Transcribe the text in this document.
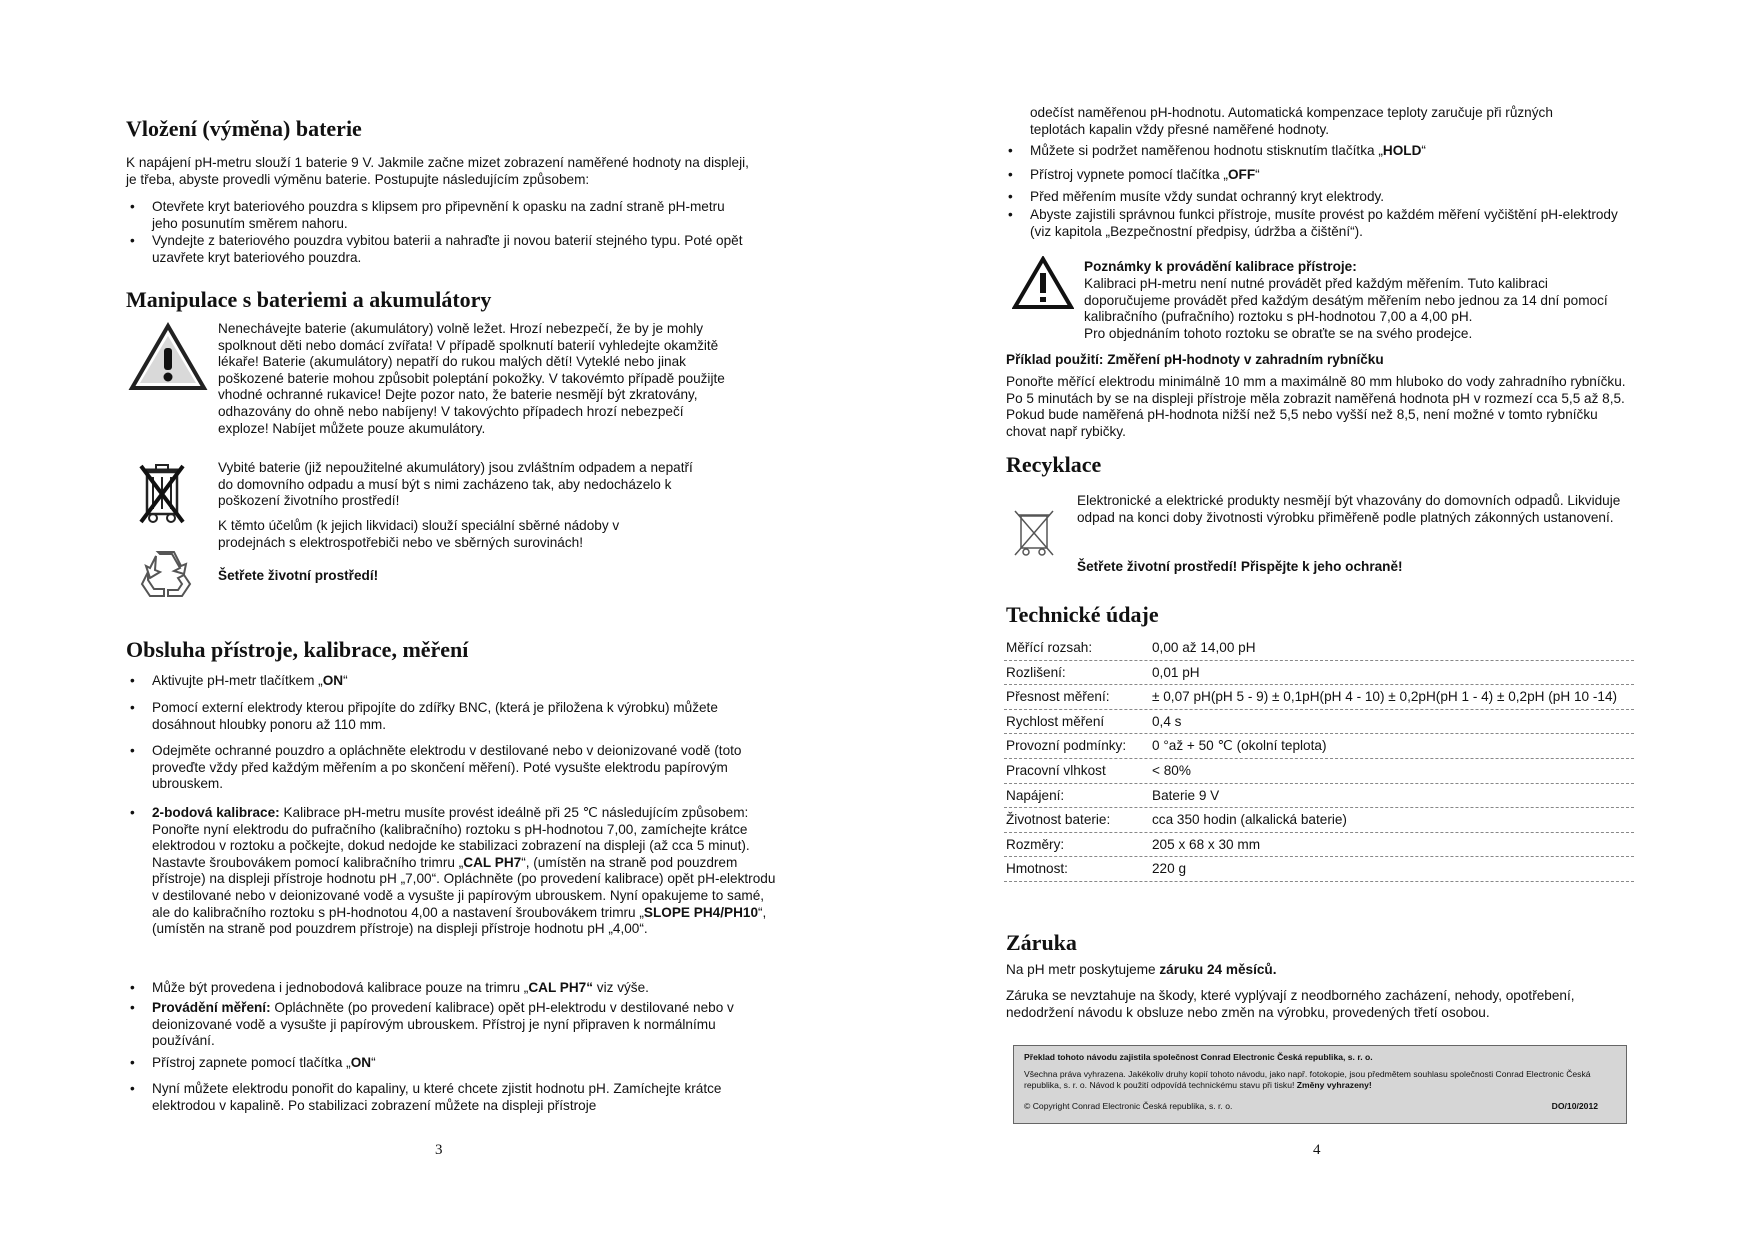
Vložení (výměna) baterie

K napájení pH-metru slouží 1 baterie 9 V. Jakmile začne mizet zobrazení naměřené hodnoty na displeji, je třeba, abyste provedli výměnu baterie. Postupujte následujícím způsobem:

• Otevřete kryt bateriového pouzdra s klipsem pro připevnění k opasku na zadní straně pH-metru jeho posunutím směrem nahoru.
• Vyndejte z bateriového pouzdra vybitou baterii a nahraďte ji novou baterií stejného typu. Poté opět uzavřete kryt bateriového pouzdra.
Manipulace s bateriemi a akumulátory

Nenechávejte baterie (akumulátory) volně ležet. Hrozí nebezpečí, že by je mohly spolknout děti nebo domácí zvířata! V případě spolknutí baterií vyhledejte okamžitě lékaře! Baterie (akumulátory) nepatří do rukou malých dětí! Vyteklé nebo jinak poškozené baterie mohou způsobit poleptání pokožky. V takovémto případě použijte vhodné ochranné rukavice! Dejte pozor nato, že baterie nesmějí být zkratovány, odhazovány do ohně nebo nabíjeny! V takovýchto případech hrozí nebezpečí exploze! Nabíjet můžete pouze akumulátory.

Vybité baterie (již nepoužitelné akumulátory) jsou zvláštním odpadem a nepatří do domovního odpadu a musí být s nimi zacházeno tak, aby nedocházelo k poškození životního prostředí!

K těmto účelům (k jejich likvidaci) slouží speciální sběrné nádoby v prodejnách s elektrospotřebiči nebo ve sběrných surovinách!

Šetřete životní prostředí!

Obsluha přístroje, kalibrace, měření
• Aktivujte pH-metr tlačítkem „ON“
• Pomocí externí elektrody kterou připojíte do zdířky BNC, (která je přiložena k výrobku) můžete dosáhnout hloubky ponoru až 110 mm.
• Odejměte ochranné pouzdro a opláchněte elektrodu v destilované nebo v deionizované vodě (toto proveďte vždy před každým měřením a po skončení měření). Poté vysušte elektrodu papírovým ubrouskem.
• 2-bodová kalibrace: Kalibrace pH-metru musíte provést ideálně při 25 ℃ následujícím způsobem: Ponořte nyní elektrodu do pufračního (kalibračního) roztoku s pH-hodnotou 7,00, zamíchejte krátce elektrodou v roztoku a počkejte, dokud nedojde ke stabilizaci zobrazení na displeji (až cca 5 minut). Nastavte šroubovákem pomocí kalibračního trimru „CAL PH7“, (umístěn na straně pod pouzdrem přístroje) na displeji přístroje hodnotu pH „7,00“. Opláchněte (po provedení kalibrace) opět pH-elektrodu v destilované nebo v deionizované vodě a vysušte ji papírovým ubrouskem. Nyní opakujeme to samé, ale do kalibračního roztoku s pH-hodnotou 4,00 a nastavení šroubovákem trimru „SLOPE PH4/PH10“, (umístěn na straně pod pouzdrem přístroje) na displeji přístroje hodnotu pH „4,00“.
• Může být provedena i jednobodová kalibrace pouze na trimru „CAL PH7“ viz výše.
• Provádění měření: Opláchněte (po provedení kalibrace) opět pH-elektrodu v destilované nebo v deionizované vodě a vysušte ji papírovým ubrouskem. Přístroj je nyní připraven k normálnímu používání.
• Přístroj zapnete pomocí tlačítka „ON“
• Nyní můžete elektrodu ponořit do kapaliny, u které chcete zjistit hodnotu pH. Zamíchejte krátce elektrodou v kapalině. Po stabilizaci zobrazení můžete na displeji přístroje
3

odečíst naměřenou pH-hodnotu. Automatická kompenzace teploty zaručuje při různých teplotách kapalin vždy přesné naměřené hodnoty.

• Můžete si podržet naměřenou hodnotu stisknutím tlačítka „HOLD“
• Přístroj vypnete pomocí tlačítka „OFF“
• Před měřením musíte vždy sundat ochranný kryt elektrody.
• Abyste zajistili správnou funkci přístroje, musíte provést po každém měření vyčištění pH-elektrody (viz kapitola „Bezpečnostní předpisy, údržba a čištění“).

Poznámky k provádění kalibrace přístroje:

Kalibraci pH-metru není nutné provádět před každým měřením. Tuto kalibraci doporučujeme provádět před každým desátým měřením nebo jednou za 14 dní pomocí kalibračního (pufračního) roztoku s pH-hodnotou 7,00 a 4,00 pH.

Pro objednáním tohoto roztoku se obraťte se na svého prodejce.

Příklad použití: Změření pH-hodnoty v zahradním rybníčku

Ponořte měřící elektrodu minimálně 10 mm a maximálně 80 mm hluboko do vody zahradního rybníčku. Po 5 minutách by se na displeji přístroje měla zobrazit naměřená hodnota pH v rozmezí cca 5,5 až 8,5. Pokud bude naměřená pH-hodnota nižší než 5,5 nebo vyšší než 8,5, není možné v tomto rybníčku chovat např rybičky.

Recyklace

Elektronické a elektrické produkty nesmějí být vhazovány do domovních odpadů. Likviduje odpad na konci doby životnosti výrobku přiměřeně podle platných zákonných ustanovení.

Šetřete životní prostředí! Přispějte k jeho ochraně!

Technické údaje
Měřící rozsah:	0,00 až 14,00 pH
Rozlišení:	0,01 pH
Přesnost měření:	± 0,07 pH(pH 5 - 9) ± 0,1pH(pH 4 - 10) ± 0,2pH(pH 1 - 4) ± 0,2pH (pH 10 -14)
Rychlost měření	0,4 s
Provozní podmínky:	0 °až + 50 ℃ (okolní teplota)
Pracovní vlhkost	< 80%
Napájení:	Baterie 9 V
Životnost baterie:	cca 350 hodin (alkalická baterie)
Rozměry:	205 x 68 x 30 mm
Hmotnost:	220 g
Záruka

Na pH metr poskytujeme záruku 24 měsíců.

Záruka se nevztahuje na škody, které vyplývají z neodborného zacházení, nehody, opotřebení, nedodržení návodu k obsluze nebo změn na výrobku, provedených třetí osobou.

Překlad tohoto návodu zajistila společnost Conrad Electronic Česká republika, s. r. o.
Všechna práva vyhrazena. Jakékoliv druhy kopií tohoto návodu, jako např. fotokopie, jsou předmětem souhlasu společnosti Conrad Electronic Česká republika, s. r. o. Návod k použití odpovídá technickému stavu při tisku! Změny vyhrazeny!
© Copyright Conrad Electronic Česká republika, s. r. o.	DO/10/2012
4
